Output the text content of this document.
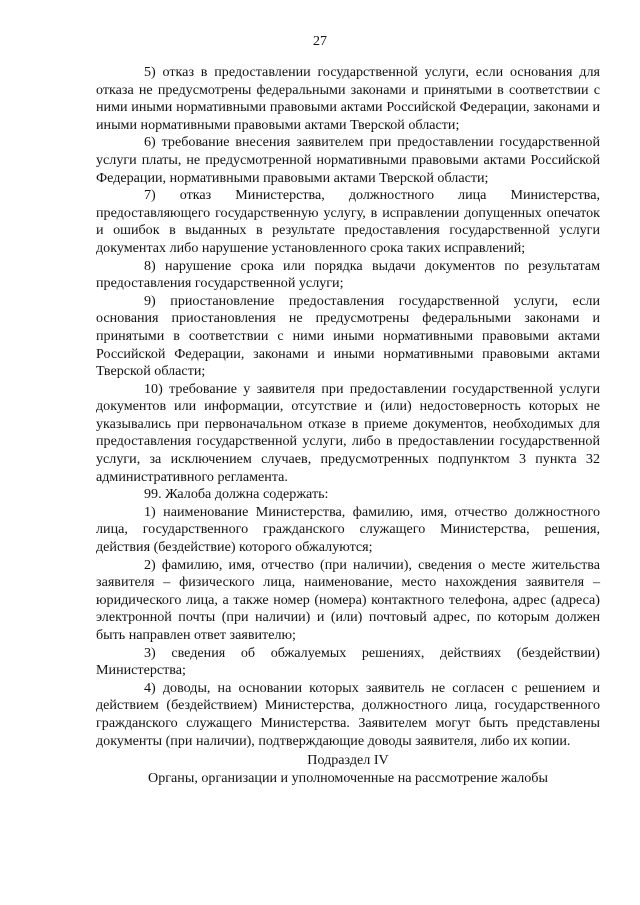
27

5) отказ в предоставлении государственной услуги, если основания для отказа не предусмотрены федеральными законами и принятыми в соответствии с ними иными нормативными правовыми актами Российской Федерации, законами и иными нормативными правовыми актами Тверской области;

6) требование внесения заявителем при предоставлении государственной услуги платы, не предусмотренной нормативными правовыми актами Российской Федерации, нормативными правовыми актами Тверской области;

7) отказ Министерства, должностного лица Министерства, предоставляющего государственную услугу, в исправлении допущенных опечаток и ошибок в выданных в результате предоставления государственной услуги документах либо нарушение установленного срока таких исправлений;

8) нарушение срока или порядка выдачи документов по результатам предоставления государственной услуги;

9) приостановление предоставления государственной услуги, если основания приостановления не предусмотрены федеральными законами и принятыми в соответствии с ними иными нормативными правовыми актами Российской Федерации, законами и иными нормативными правовыми актами Тверской области;

10) требование у заявителя при предоставлении государственной услуги документов или информации, отсутствие и (или) недостоверность которых не указывались при первоначальном отказе в приеме документов, необходимых для предоставления государственной услуги, либо в предоставлении государственной услуги, за исключением случаев, предусмотренных подпунктом 3 пункта 32 административного регламента.

99. Жалоба должна содержать:

1) наименование Министерства, фамилию, имя, отчество должностного лица, государственного гражданского служащего Министерства, решения, действия (бездействие) которого обжалуются;

2) фамилию, имя, отчество (при наличии), сведения о месте жительства заявителя – физического лица, наименование, место нахождения заявителя – юридического лица, а также номер (номера) контактного телефона, адрес (адреса) электронной почты (при наличии) и (или) почтовый адрес, по которым должен быть направлен ответ заявителю;

3) сведения об обжалуемых решениях, действиях (бездействии) Министерства;

4) доводы, на основании которых заявитель не согласен с решением и действием (бездействием) Министерства, должностного лица, государственного гражданского служащего Министерства. Заявителем могут быть представлены документы (при наличии), подтверждающие доводы заявителя, либо их копии.

Подраздел IV

Органы, организации и уполномоченные на рассмотрение жалобы
